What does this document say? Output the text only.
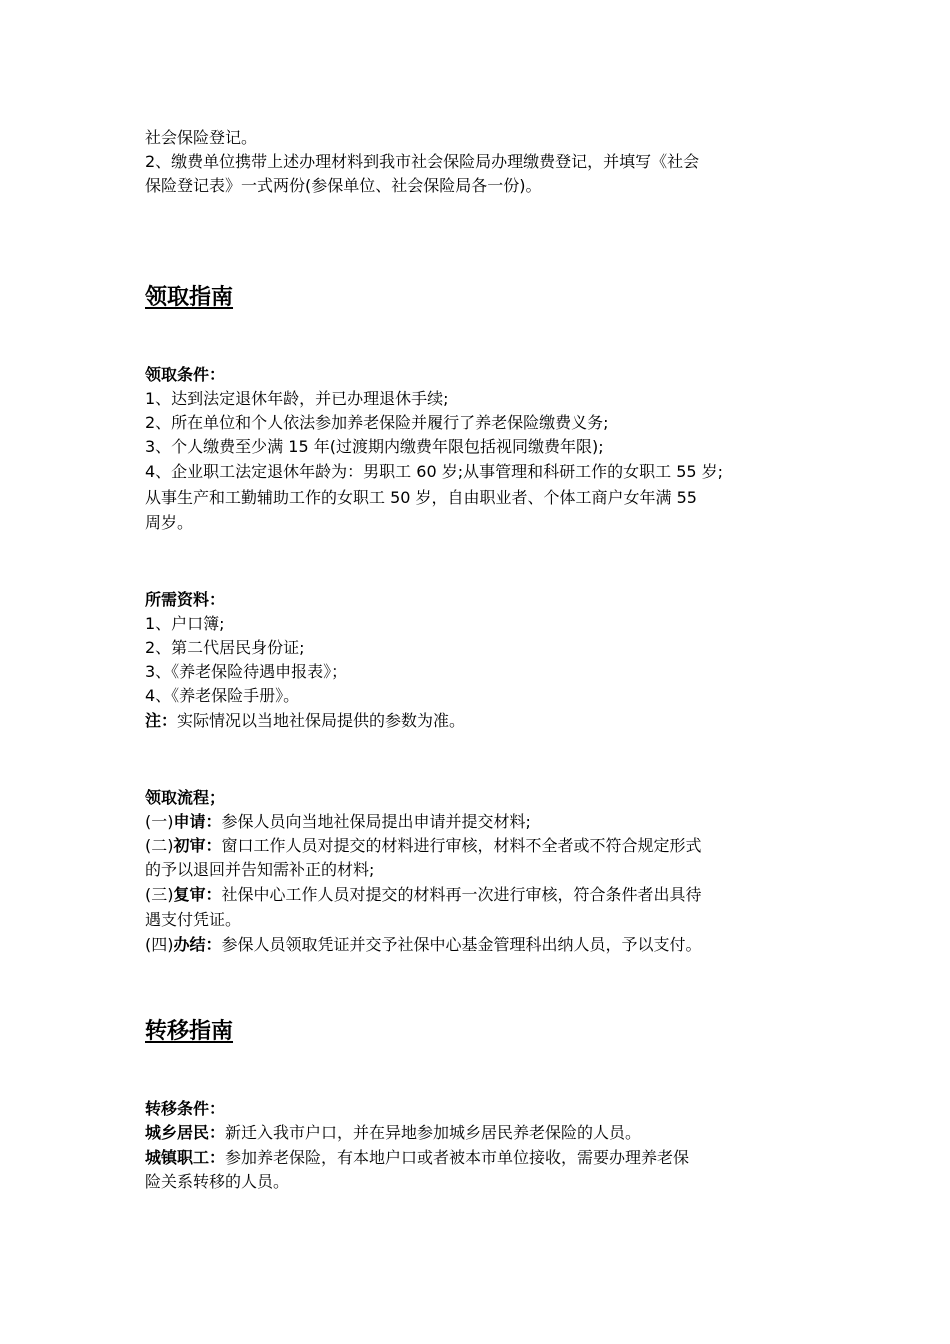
社会保险登记。
2、缴费单位携带上述办理材料到我市社会保险局办理缴费登记，并填写《社会
保险登记表》一式两份(参保单位、社会保险局各一份)。
领取指南
领取条件：
1、达到法定退休年龄，并已办理退休手续;
2、所在单位和个人依法参加养老保险并履行了养老保险缴费义务;
3、个人缴费至少满 15 年(过渡期内缴费年限包括视同缴费年限);
4、企业职工法定退休年龄为：男职工 60 岁;从事管理和科研工作的女职工 55 岁;
从事生产和工勤辅助工作的女职工 50 岁，自由职业者、个体工商户女年满 55
周岁。
所需资料：
1、户口簿;
2、第二代居民身份证;
3、《养老保险待遇申报表》；
4、《养老保险手册》。
注：实际情况以当地社保局提供的参数为准。
领取流程；
(一)申请：参保人员向当地社保局提出申请并提交材料;
(二)初审：窗口工作人员对提交的材料进行审核，材料不全者或不符合规定形式
的予以退回并告知需补正的材料;
(三)复审：社保中心工作人员对提交的材料再一次进行审核，符合条件者出具待
遇支付凭证。
(四)办结：参保人员领取凭证并交予社保中心基金管理科出纳人员，予以支付。
转移指南
转移条件：
城乡居民：新迁入我市户口，并在异地参加城乡居民养老保险的人员。
城镇职工：参加养老保险，有本地户口或者被本市单位接收，需要办理养老保
险关系转移的人员。
